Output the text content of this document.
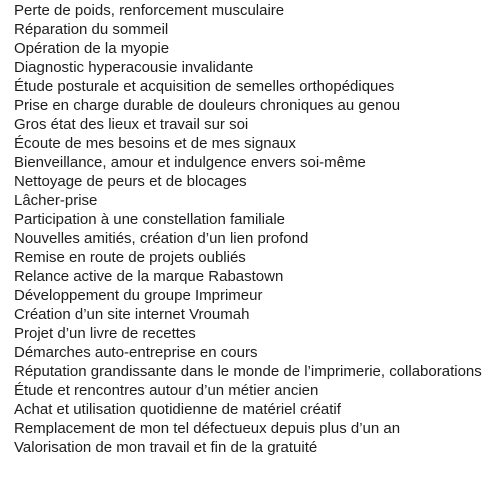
Perte de poids, renforcement musculaire
Réparation du sommeil
Opération de la myopie
Diagnostic hyperacousie invalidante
Étude posturale et acquisition de semelles orthopédiques
Prise en charge durable de douleurs chroniques au genou
Gros état des lieux et travail sur soi
Écoute de mes besoins et de mes signaux
Bienveillance, amour et indulgence envers soi-même
Nettoyage de peurs et de blocages
Lâcher-prise
Participation à une constellation familiale
Nouvelles amitiés, création d’un lien profond
Remise en route de projets oubliés
Relance active de la marque Rabastown
Développement du groupe Imprimeur
Création d’un site internet Vroumah
Projet d’un livre de recettes
Démarches auto-entreprise en cours
Réputation grandissante dans le monde de l’imprimerie, collaborations
Étude et rencontres autour d’un métier ancien
Achat et utilisation quotidienne de matériel créatif
Remplacement de mon tel défectueux depuis plus d’un an
Valorisation de mon travail et fin de la gratuité
